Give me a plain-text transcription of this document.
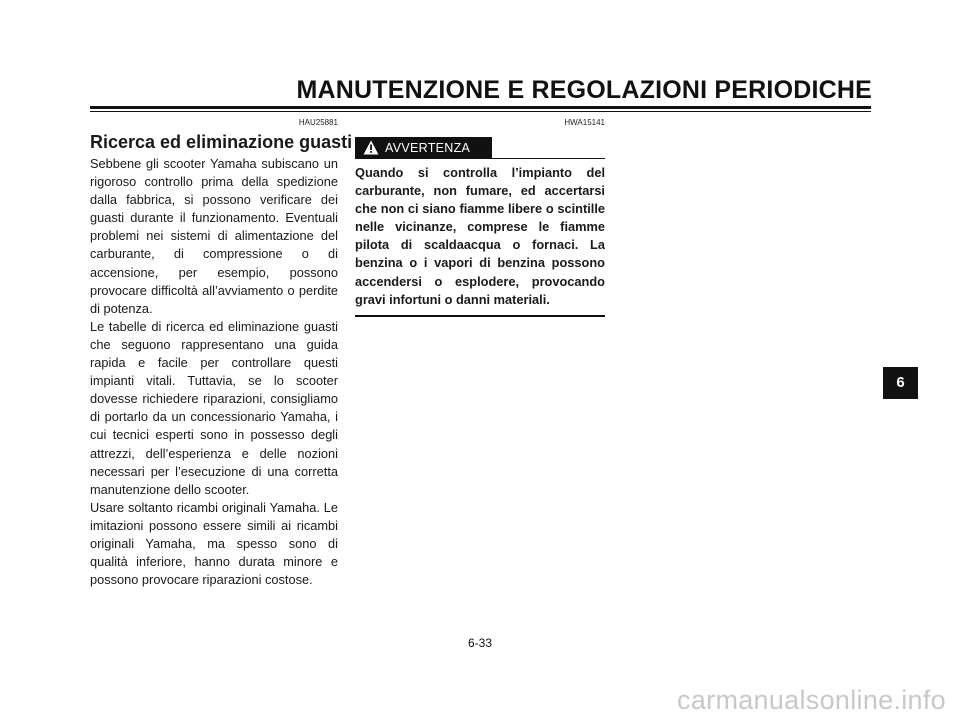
MANUTENZIONE E REGOLAZIONI PERIODICHE
HAU25881
Ricerca ed eliminazione guasti

Sebbene gli scooter Yamaha subiscano un rigoroso controllo prima della spedizione dalla fabbrica, si possono verificare dei guasti durante il funzionamento. Eventuali problemi nei sistemi di alimentazione del carburante, di compressione o di accensione, per esempio, possono provocare difficoltà all’avviamento o perdite di potenza.

Le tabelle di ricerca ed eliminazione guasti che seguono rappresentano una guida rapida e facile per controllare questi impianti vitali. Tuttavia, se lo scooter dovesse richiedere riparazioni, consigliamo di portarlo da un concessionario Yamaha, i cui tecnici esperti sono in possesso degli attrezzi, dell’esperienza e delle nozioni necessari per l’esecuzione di una corretta manutenzione dello scooter.

Usare soltanto ricambi originali Yamaha. Le imitazioni possono essere simili ai ricambi originali Yamaha, ma spesso sono di qualità inferiore, hanno durata minore e possono provocare riparazioni costose.

HWA15141
AVVERTENZA

Quando si controlla l’impianto del carburante, non fumare, ed accertarsi che non ci siano fiamme libere o scintille nelle vicinanze, comprese le fiamme pilota di scaldaacqua o fornaci. La benzina o i vapori di benzina possono accendersi o esplodere, provocando gravi infortuni o danni materiali.

6
6-33
carmanualsonline.info
